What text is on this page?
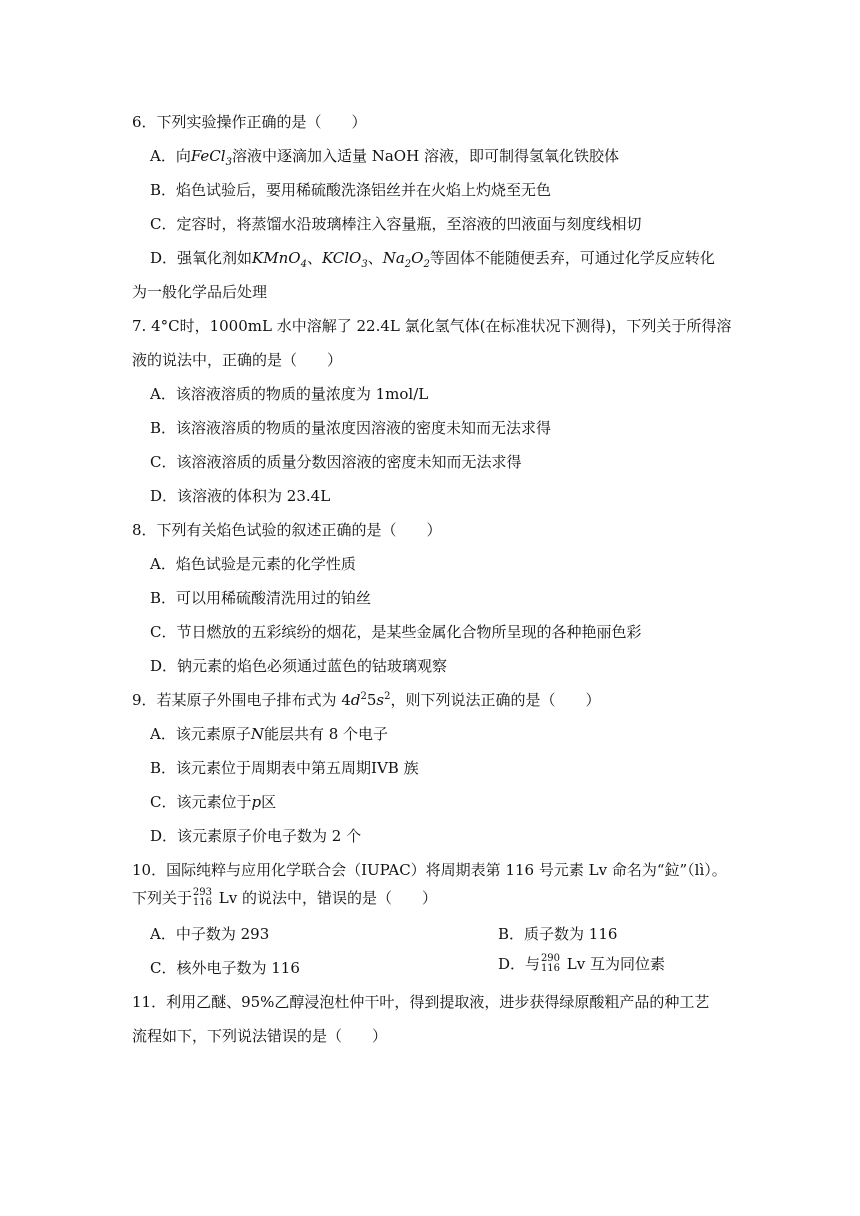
6．下列实验操作正确的是（　　）
A．向FeCl$_3$溶液中逐滴加入适量 NaOH 溶液，即可制得氢氧化铁胶体
B．焰色试验后，要用稀硫酸洗涤铝丝并在火焰上灼烧至无色
C．定容时，将蒸馏水沿玻璃棒注入容量瓶，至溶液的凹液面与刻度线相切
D．强氧化剂如KMnO$_4$、KClO$_3$、$Na_2O_2$等固体不能随便丢弃，可通过化学反应转化
为一般化学品后处理
7. 4°C时，1000mL 水中溶解了 22.4L 氯化氢气体(在标准状况下测得)，下列关于所得溶
液的说法中，正确的是（　　）
A．该溶液溶质的物质的量浓度为 1mol/L
B．该溶液溶质的物质的量浓度因溶液的密度未知而无法求得
C．该溶液溶质的质量分数因溶液的密度未知而无法求得
D．该溶液的体积为 23.4L
8．下列有关焰色试验的叙述正确的是（　　）
A．焰色试验是元素的化学性质
B．可以用稀硫酸清洗用过的铂丝
C．节日燃放的五彩缤纷的烟花，是某些金属化合物所呈现的各种艳丽色彩
D．钠元素的焰色必须通过蓝色的钴玻璃观察
9．若某原子外围电子排布式为 $4d^25s^2$，则下列说法正确的是（　　）
A．该元素原子N能层共有 8 个电子
B．该元素位于周期表中第五周期IVB 族
C．该元素位于p区
D．该元素原子价电子数为 2 个
10．国际纯粹与应用化学联合会（IUPAC）将周期表第 116 号元素 Lv 命名为“鉝”（lì）。
下列关于 293
116 Lv 的说法中，错误的是（　　）
A．中子数为 293	B．质子数为 116
C．核外电子数为 116	D．与 290
116 Lv 互为同位素
11．利用乙醚、95%乙醇浸泡杜仲干叶，得到提取液，进步获得绿原酸粗产品的种工艺
流程如下，下列说法错误的是（　　）
